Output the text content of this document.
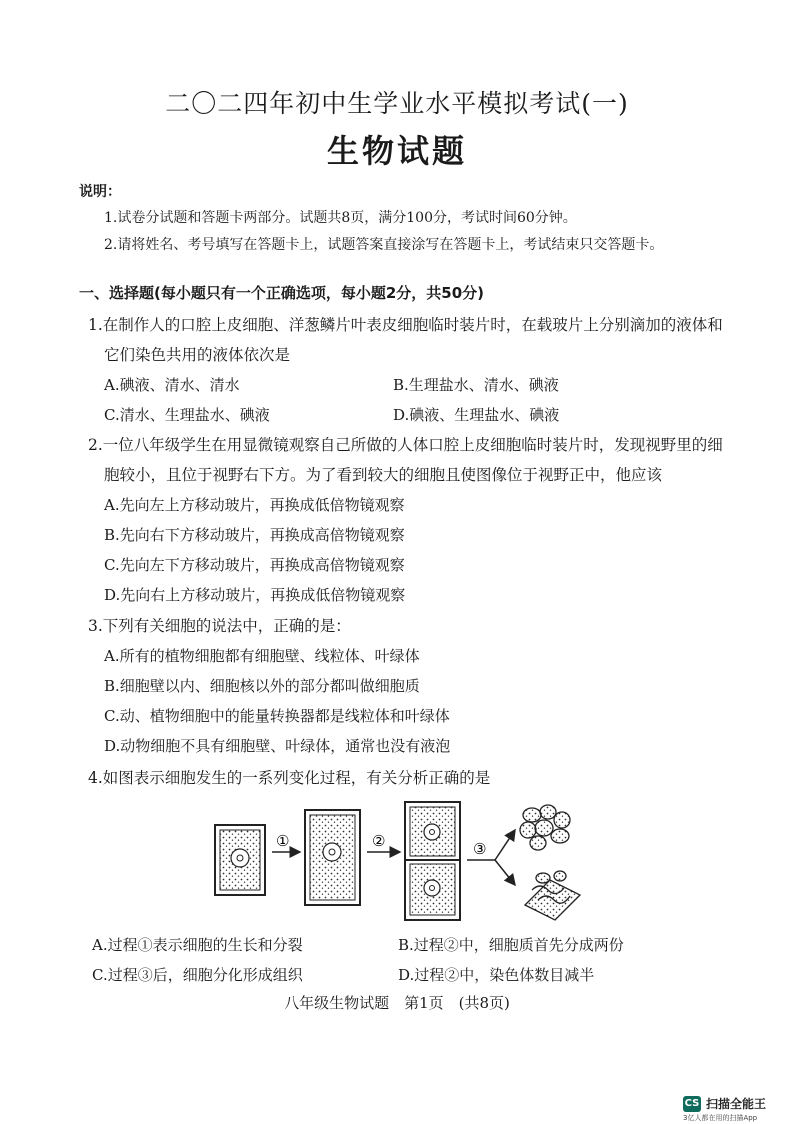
二〇二四年初中生学业水平模拟考试(一)
生物试题
说明：
1.试卷分试题和答题卡两部分。试题共8页，满分100分，考试时间60分钟。
2.请将姓名、考号填写在答题卡上，试题答案直接涂写在答题卡上，考试结束只交答题卡。
一、选择题(每小题只有一个正确选项，每小题2分，共50分)
1.在制作人的口腔上皮细胞、洋葱鳞片叶表皮细胞临时装片时，在载玻片上分别滴加的液体和
它们染色共用的液体依次是
A.碘液、清水、清水	B.生理盐水、清水、碘液
C.清水、生理盐水、碘液	D.碘液、生理盐水、碘液
2.一位八年级学生在用显微镜观察自己所做的人体口腔上皮细胞临时装片时，发现视野里的细
胞较小，且位于视野右下方。为了看到较大的细胞且使图像位于视野正中，他应该
A.先向左上方移动玻片，再换成低倍物镜观察
B.先向右下方移动玻片，再换成高倍物镜观察
C.先向左下方移动玻片，再换成高倍物镜观察
D.先向右上方移动玻片，再换成低倍物镜观察
3.下列有关细胞的说法中，正确的是：
A.所有的植物细胞都有细胞壁、线粒体、叶绿体
B.细胞壁以内、细胞核以外的部分都叫做细胞质
C.动、植物细胞中的能量转换器都是线粒体和叶绿体
D.动物细胞不具有细胞壁、叶绿体，通常也没有液泡
4.如图表示细胞发生的一系列变化过程，有关分析正确的是
①	②	③
A.过程①表示细胞的生长和分裂	B.过程②中，细胞质首先分成两份
C.过程③后，细胞分化形成组织	D.过程②中，染色体数目减半
八年级生物试题　第1页　(共8页)
CS 扫描全能王
3亿人都在用的扫描App
